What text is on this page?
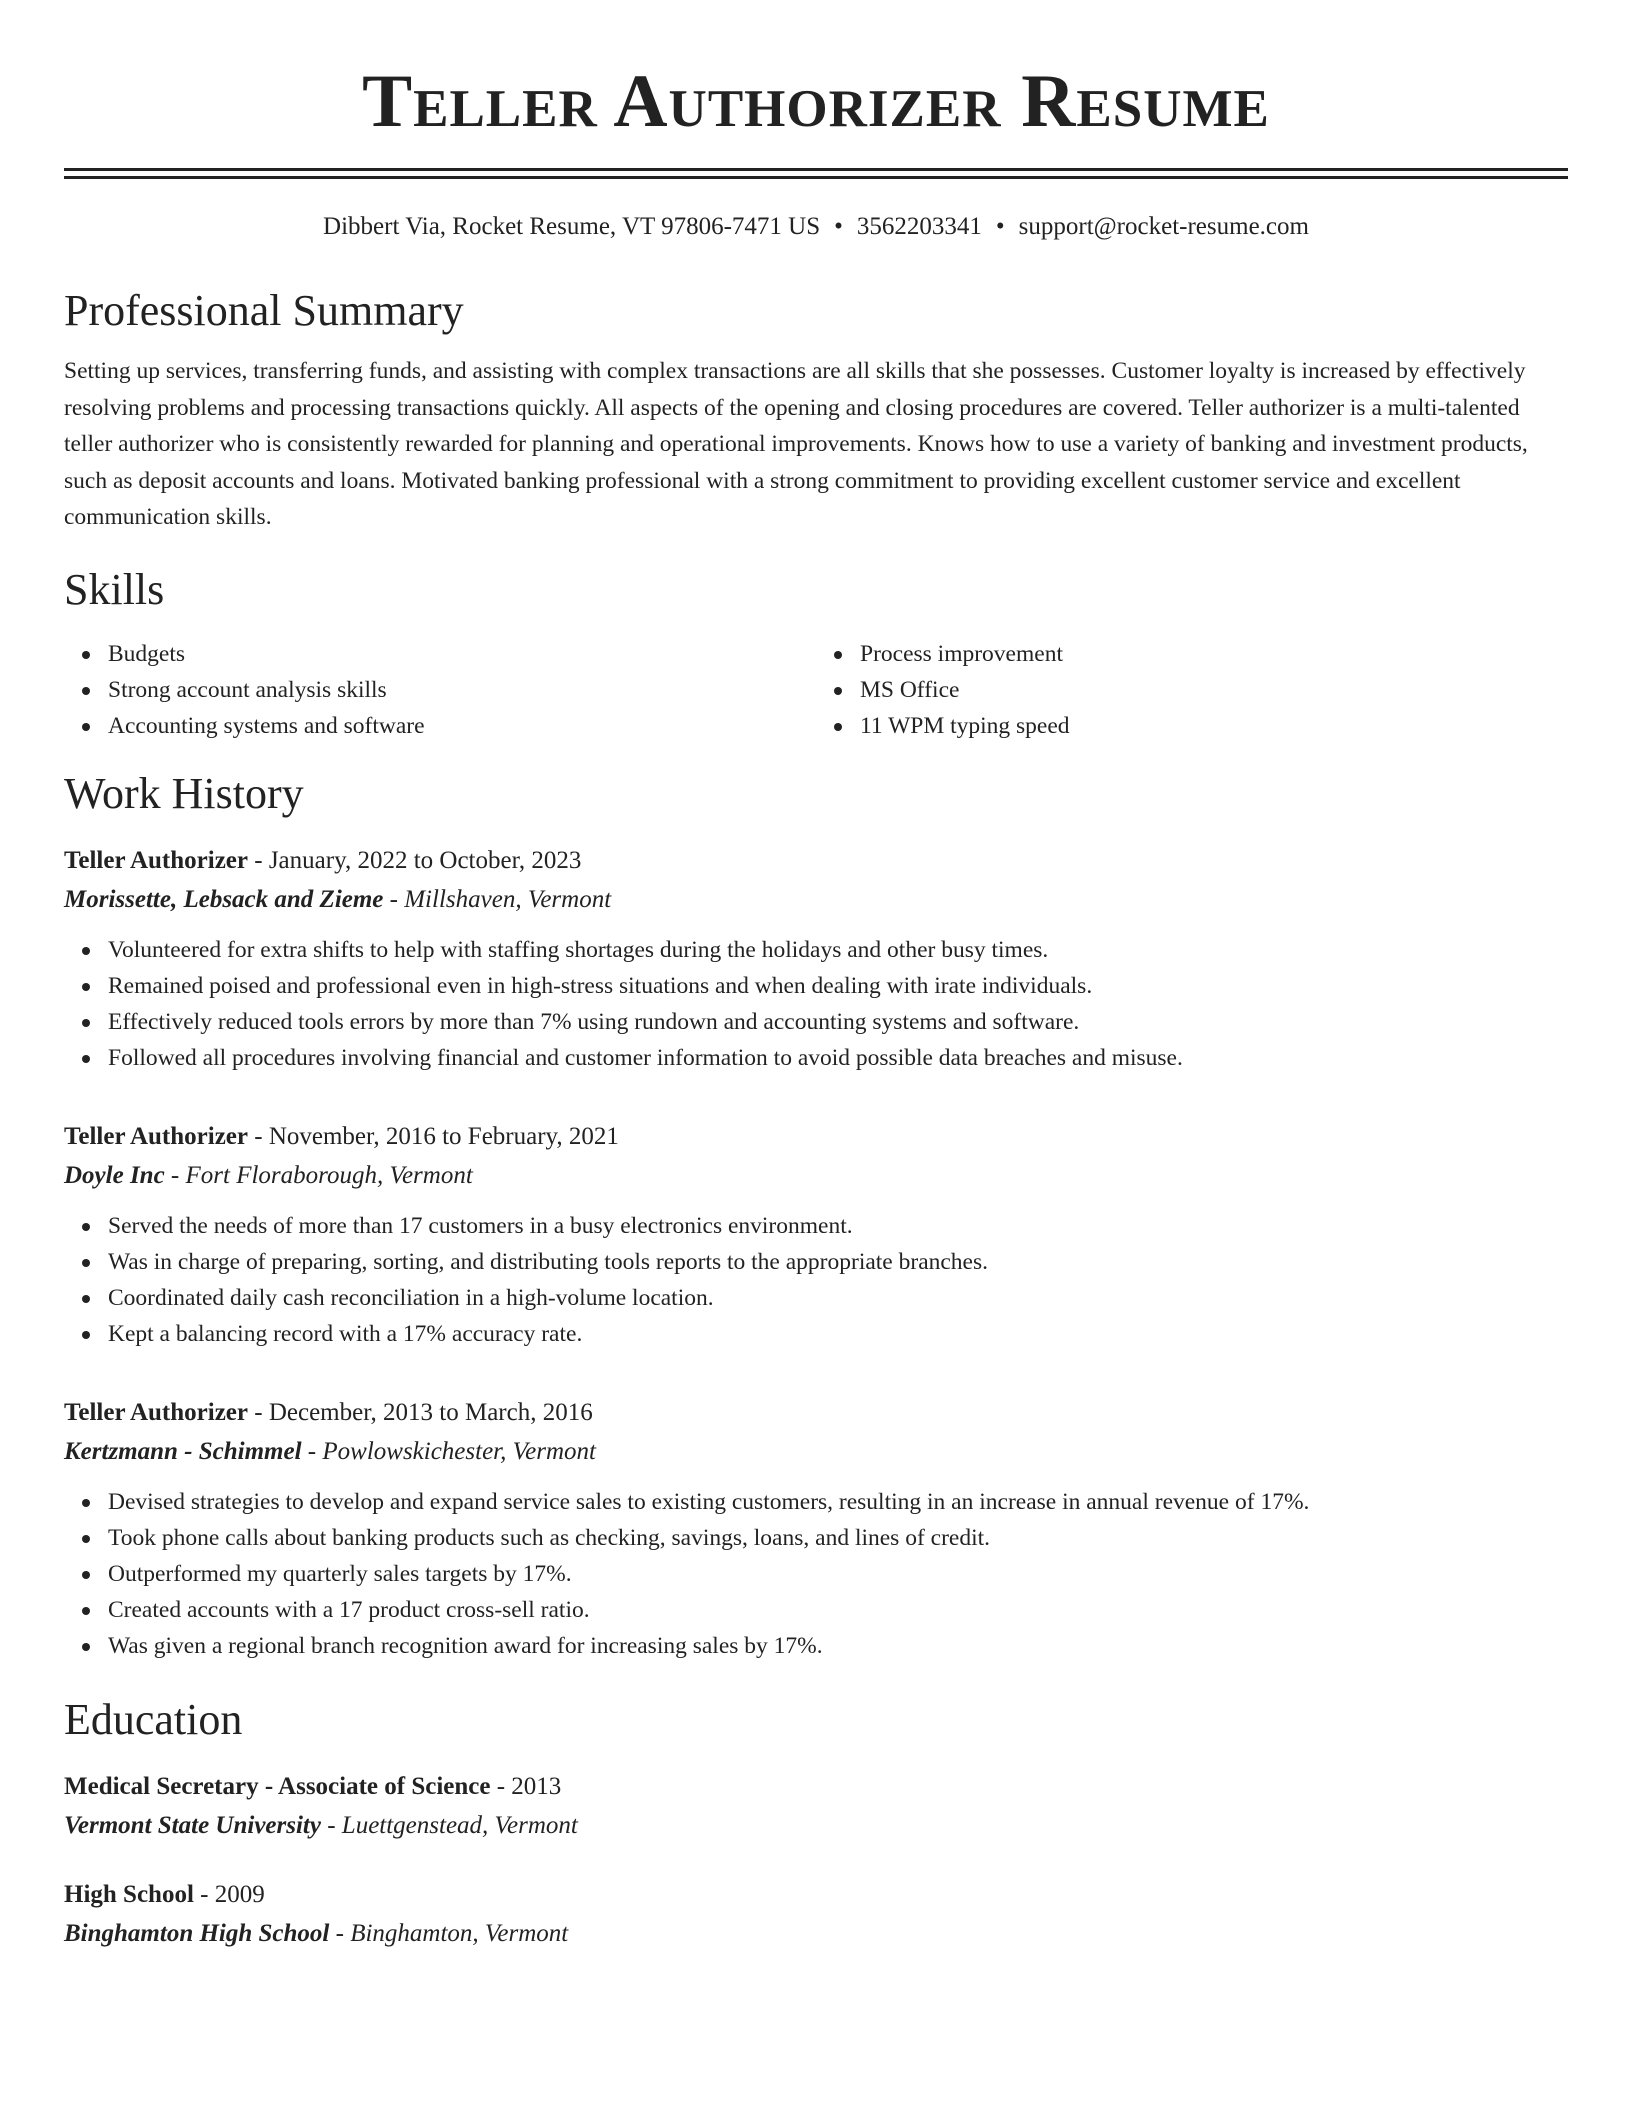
Teller Authorizer Resume
Dibbert Via, Rocket Resume, VT 97806-7471 US • 3562203341 • support@rocket-resume.com
Professional Summary

Setting up services, transferring funds, and assisting with complex transactions are all skills that she possesses. Customer loyalty is increased by effectively resolving problems and processing transactions quickly. All aspects of the opening and closing procedures are covered. Teller authorizer is a multi-talented teller authorizer who is consistently rewarded for planning and operational improvements. Knows how to use a variety of banking and investment products, such as deposit accounts and loans. Motivated banking professional with a strong commitment to providing excellent customer service and excellent communication skills.

Skills
Budgets
Strong account analysis skills
Accounting systems and software
Process improvement
MS Office
11 WPM typing speed
Work History
Teller Authorizer - January, 2022 to October, 2023
Morissette, Lebsack and Zieme - Millshaven, Vermont
Volunteered for extra shifts to help with staffing shortages during the holidays and other busy times.
Remained poised and professional even in high-stress situations and when dealing with irate individuals.
Effectively reduced tools errors by more than 7% using rundown and accounting systems and software.
Followed all procedures involving financial and customer information to avoid possible data breaches and misuse.
Teller Authorizer - November, 2016 to February, 2021
Doyle Inc - Fort Floraborough, Vermont
Served the needs of more than 17 customers in a busy electronics environment.
Was in charge of preparing, sorting, and distributing tools reports to the appropriate branches.
Coordinated daily cash reconciliation in a high-volume location.
Kept a balancing record with a 17% accuracy rate.
Teller Authorizer - December, 2013 to March, 2016
Kertzmann - Schimmel - Powlowskichester, Vermont
Devised strategies to develop and expand service sales to existing customers, resulting in an increase in annual revenue of 17%.
Took phone calls about banking products such as checking, savings, loans, and lines of credit.
Outperformed my quarterly sales targets by 17%.
Created accounts with a 17 product cross-sell ratio.
Was given a regional branch recognition award for increasing sales by 17%.
Education
Medical Secretary - Associate of Science - 2013
Vermont State University - Luettgenstead, Vermont
High School - 2009
Binghamton High School - Binghamton, Vermont
